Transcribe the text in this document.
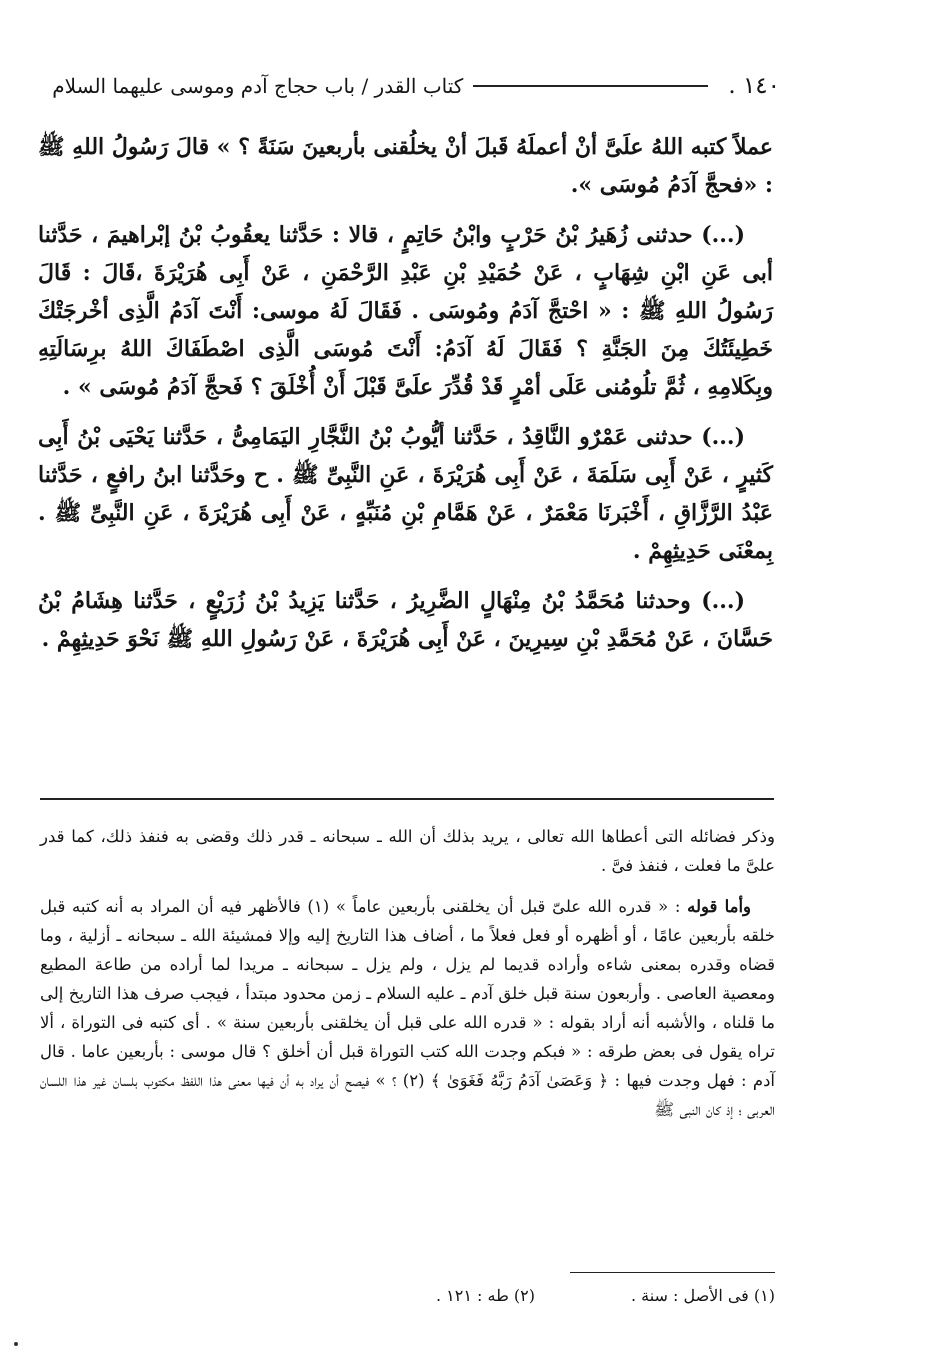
١٤٠ .
كتاب القدر / باب حجاج آدم وموسى عليهما السلام

عملاً كتبه اللهُ علَىَّ أنْ أعملَهُ قَبلَ أنْ يخلُقنى بأربعينَ سَنَةً ؟ » قالَ رَسُولُ اللهِ ﷺ : «فحجَّ آدَمُ مُوسَى ».

(...) حدثنى زُهَيرُ بْنُ حَرْبٍ وابْنُ حَاتِمٍ ، قالا : حَدَّثنا يعقُوبُ بْنُ إبْراهيمَ ، حَدَّثنا أبى عَنِ ابْنِ شِهَابٍ ، عَنْ حُمَيْدِ بْنِ عَبْدِ الرَّحْمَنِ ، عَنْ أَبِى هُرَيْرَةَ ،قَالَ : قَالَ رَسُولُ اللهِ ﷺ : « احْتجَّ آدَمُ ومُوسَى . فَقَالَ لَهُ موسى: أَنْتَ آدَمُ الَّذِى أخْرجَتْكَ خَطِيئَتُكَ مِنَ الجَنَّةِ ؟ فَقَالَ لَهُ آدَمُ: أَنْتَ مُوسَى الَّذِى اصْطَفَاكَ اللهُ برِسَالَتِهِ وبِكَلامِهِ ، ثُمَّ تلُومُنى عَلَى أمْرٍ قَدْ قُدِّرَ علَىَّ قَبْلَ أَنْ أُخْلَقَ ؟ فَحجَّ آدَمُ مُوسَى » .

(...) حدثنى عَمْرٌو النَّاقِدُ ، حَدَّثنا أيُّوبُ بْنُ النَّجَّارِ اليَمَامِىُّ ، حَدَّثنا يَحْيَى بْنُ أَبِى كَثيرٍ ، عَنْ أَبِى سَلَمَةَ ، عَنْ أَبِى هُرَيْرَةَ ، عَنِ النَّبِىِّ ﷺ . ح وحَدَّثنا ابنُ رافعٍ ، حَدَّثنا عَبْدُ الرَّزَّاقِ ، أَخْبَرنَا مَعْمَرٌ ، عَنْ هَمَّامِ بْنِ مُنَبِّهٍ ، عَنْ أَبِى هُرَيْرَةَ ، عَنِ النَّبِىِّ ﷺ . بِمعْنَى حَدِيثِهِمْ .

(...) وحدثنا مُحَمَّدُ بْنُ مِنْهَالٍ الضَّرِيرُ ، حَدَّثنا يَزِيدُ بْنُ زُرَيْعٍ ، حَدَّثنا هِشَامُ بْنُ حَسَّانَ ، عَنْ مُحَمَّدِ بْنِ سِيرِينَ ، عَنْ أَبِى هُرَيْرَةَ ، عَنْ رَسُولِ اللهِ ﷺ نَحْوَ حَدِيثِهِمْ .

وذكر فضائله التى أعطاها الله تعالى ، يريد بذلك أن الله ـ سبحانه ـ قدر ذلك وقضى به فنفذ ذلك، كما قدر علىَّ ما فعلت ، فنفذ فىَّ .

وأما قوله : « قدره الله علىّ قبل أن يخلقنى بأربعين عاماً » (١) فالأظهر فيه أن المراد به أنه كتبه قبل خلقه بأربعين عامًا ، أو أظهره أو فعل فعلاً ما ، أضاف هذا التاريخ إليه وإلا فمشيئة الله ـ سبحانه ـ أزلية ، وما قضاه وقدره بمعنى شاءه وأراده قديما لم يزل ، ولم يزل ـ سبحانه ـ مريدا لما أراده من طاعة المطيع ومعصية العاصى . وأربعون سنة قبل خلق آدم ـ عليه السلام ـ زمن محدود مبتدأ ، فيجب صرف هذا التاريخ إلى ما قلناه ، والأشبه أنه أراد بقوله : « قدره الله على قبل أن يخلقنى بأربعين سنة » . أى كتبه فى التوراة ، ألا تراه يقول فى بعض طرقه : « فبكم وجدت الله كتب التوراة قبل أن أخلق ؟ قال موسى : بأربعين عاما . قال آدم : فهل وجدت فيها : ﴿ وَعَصَىٰ آدَمُ رَبَّهُ فَغَوَىٰ ﴾ (٢) ؟ » فيصح أن يراد به أن فيها معنى هذا اللفظ مكتوب بلسان غير هذا اللسان العربى ؛ إذ كان النبى ﷺ

(١) فى الأصل : سنة .
(٢) طه : ١٢١ .
